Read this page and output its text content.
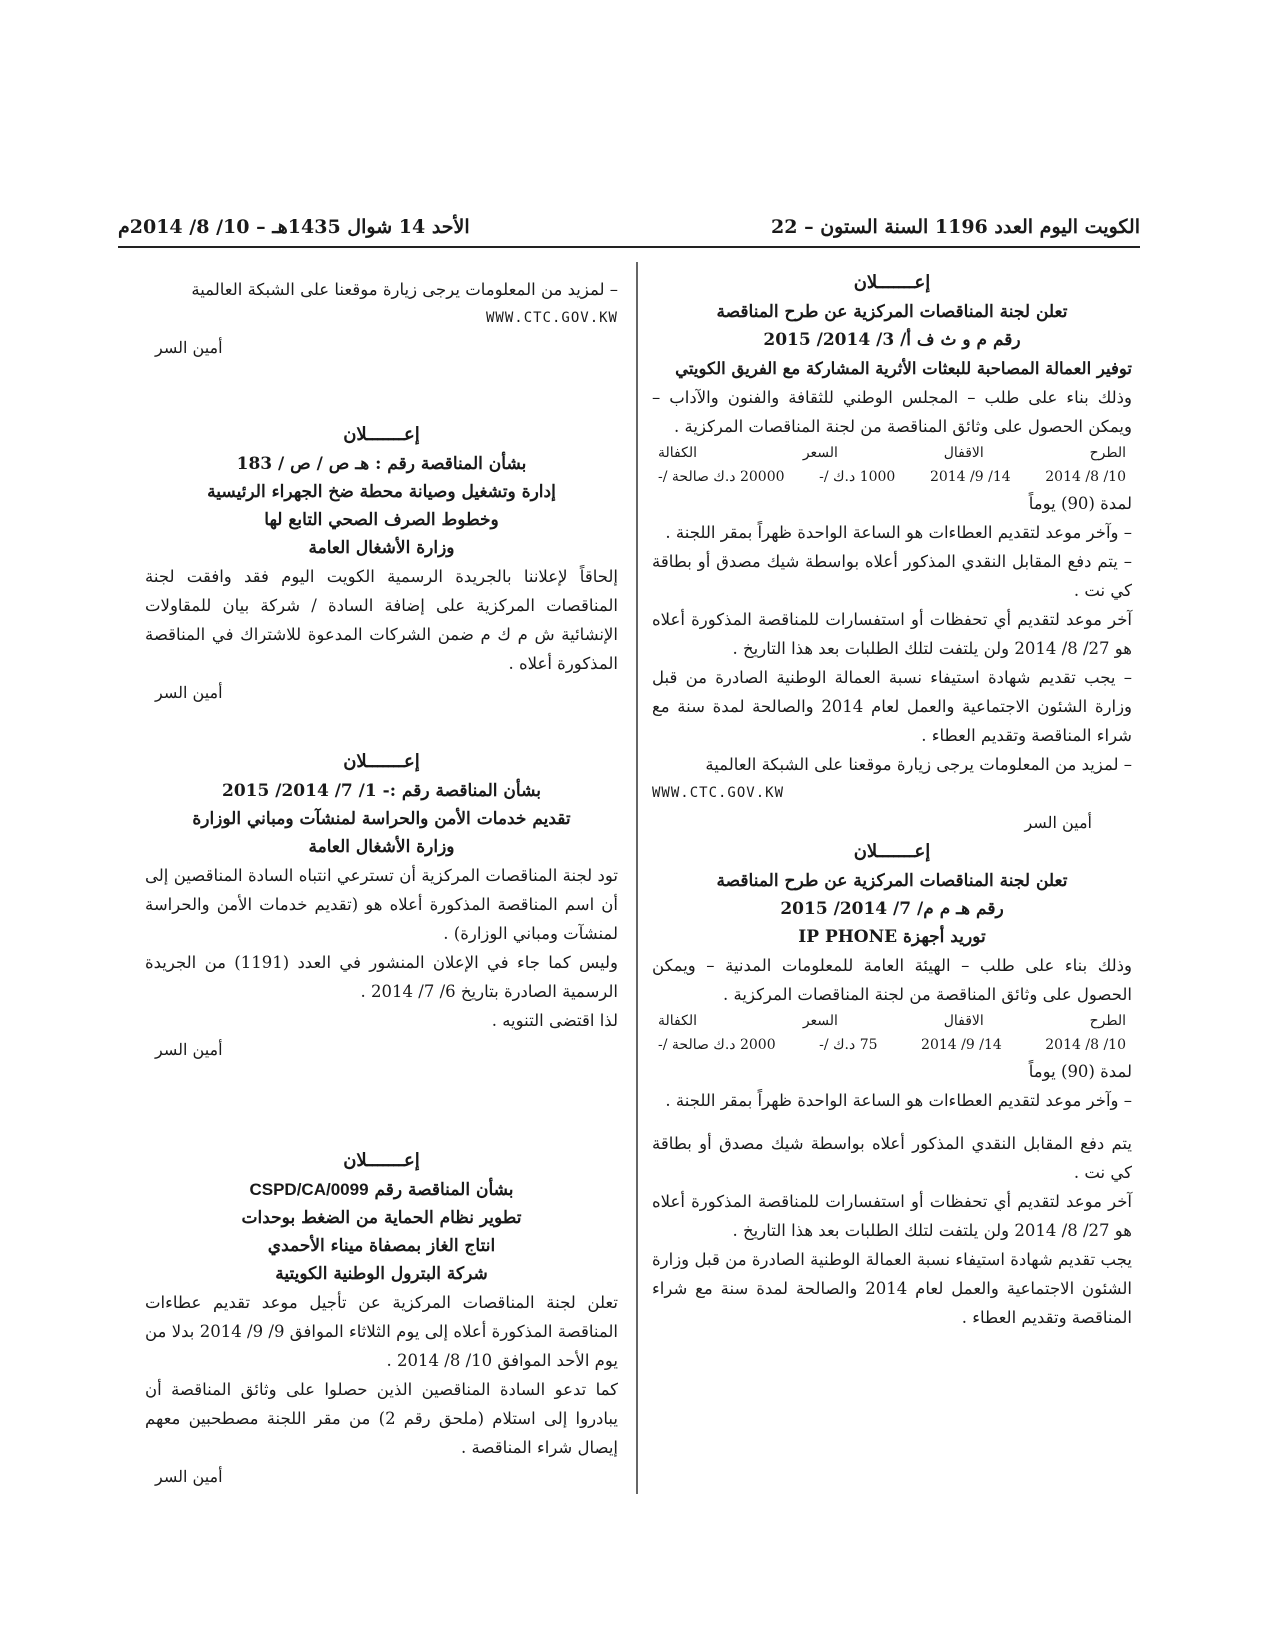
الكويت اليوم العدد 1196 السنة الستون – 22
الأحد 14 شوال 1435هـ – 10/ 8/ 2014م
إعـــــــلان
تعلن لجنة المناقصات المركزية عن طرح المناقصة
رقم م و ث ف أ/ 3/ 2014/ 2015
توفير العمالة المصاحبة للبعثات الأثرية المشاركة مع الفريق الكويتي

وذلك بناء على طلب – المجلس الوطني للثقافة والفنون والآداب – ويمكن الحصول على وثائق المناقصة من لجنة المناقصات المركزية .

الطرح
الاقفال
السعر
الكفالة
10/ 8/ 2014
14/ 9/ 2014
1000 د.ك /-
20000 د.ك صالحة /-
لمدة (90) يوماً

– وآخر موعد لتقديم العطاءات هو الساعة الواحدة ظهراً بمقر اللجنة .

– يتم دفع المقابل النقدي المذكور أعلاه بواسطة شيك مصدق أو بطاقة كي نت .

آخر موعد لتقديم أي تحفظات أو استفسارات للمناقصة المذكورة أعلاه هو 27/ 8/ 2014 ولن يلتفت لتلك الطلبات بعد هذا التاريخ .

– يجب تقديم شهادة استيفاء نسبة العمالة الوطنية الصادرة من قبل وزارة الشئون الاجتماعية والعمل لعام 2014 والصالحة لمدة سنة مع شراء المناقصة وتقديم العطاء .

– لمزيد من المعلومات يرجى زيارة موقعنا على الشبكة العالمية

WWW.CTC.GOV.KW
أمين السر
إعـــــــلان
تعلن لجنة المناقصات المركزية عن طرح المناقصة
رقم هـ م م/ 7/ 2014/ 2015
توريد أجهزة IP PHONE

وذلك بناء على طلب – الهيئة العامة للمعلومات المدنية – ويمكن الحصول على وثائق المناقصة من لجنة المناقصات المركزية .

الطرح
الاقفال
السعر
الكفالة
10/ 8/ 2014
14/ 9/ 2014
75 د.ك /-
2000 د.ك صالحة /-
لمدة (90) يوماً

– وآخر موعد لتقديم العطاءات هو الساعة الواحدة ظهراً بمقر اللجنة .

يتم دفع المقابل النقدي المذكور أعلاه بواسطة شيك مصدق أو بطاقة كي نت .

آخر موعد لتقديم أي تحفظات أو استفسارات للمناقصة المذكورة أعلاه هو 27/ 8/ 2014 ولن يلتفت لتلك الطلبات بعد هذا التاريخ .

يجب تقديم شهادة استيفاء نسبة العمالة الوطنية الصادرة من قبل وزارة الشئون الاجتماعية والعمل لعام 2014 والصالحة لمدة سنة مع شراء المناقصة وتقديم العطاء .

– لمزيد من المعلومات يرجى زيارة موقعنا على الشبكة العالمية

WWW.CTC.GOV.KW
أمين السر
إعـــــــلان
بشأن المناقصة رقم : هـ ص / ص / 183
إدارة وتشغيل وصيانة محطة ضخ الجهراء الرئيسية
وخطوط الصرف الصحي التابع لها
وزارة الأشغال العامة

إلحاقاً لإعلاننا بالجريدة الرسمية الكويت اليوم فقد وافقت لجنة المناقصات المركزية على إضافة السادة / شركة بيان للمقاولات الإنشائية ش م ك م ضمن الشركات المدعوة للاشتراك في المناقصة المذكورة أعلاه .

أمين السر
إعـــــــلان
بشأن المناقصة رقم :- 1/ 7/ 2014/ 2015
تقديم خدمات الأمن والحراسة لمنشآت ومباني الوزارة
وزارة الأشغال العامة

تود لجنة المناقصات المركزية أن تسترعي انتباه السادة المناقصين إلى أن اسم المناقصة المذكورة أعلاه هو (تقديم خدمات الأمن والحراسة لمنشآت ومباني الوزارة) .

وليس كما جاء في الإعلان المنشور في العدد (1191) من الجريدة الرسمية الصادرة بتاريخ 6/ 7/ 2014 .

لذا اقتضى التنويه .

أمين السر
إعـــــــلان
بشأن المناقصة رقم CSPD/CA/0099
تطوير نظام الحماية من الضغط بوحدات
انتاج الغاز بمصفاة ميناء الأحمدي
شركة البترول الوطنية الكويتية

تعلن لجنة المناقصات المركزية عن تأجيل موعد تقديم عطاءات المناقصة المذكورة أعلاه إلى يوم الثلاثاء الموافق 9/ 9/ 2014 بدلا من يوم الأحد الموافق 10/ 8/ 2014 .

كما تدعو السادة المناقصين الذين حصلوا على وثائق المناقصة أن يبادروا إلى استلام (ملحق رقم 2) من مقر اللجنة مصطحبين معهم إيصال شراء المناقصة .

أمين السر
